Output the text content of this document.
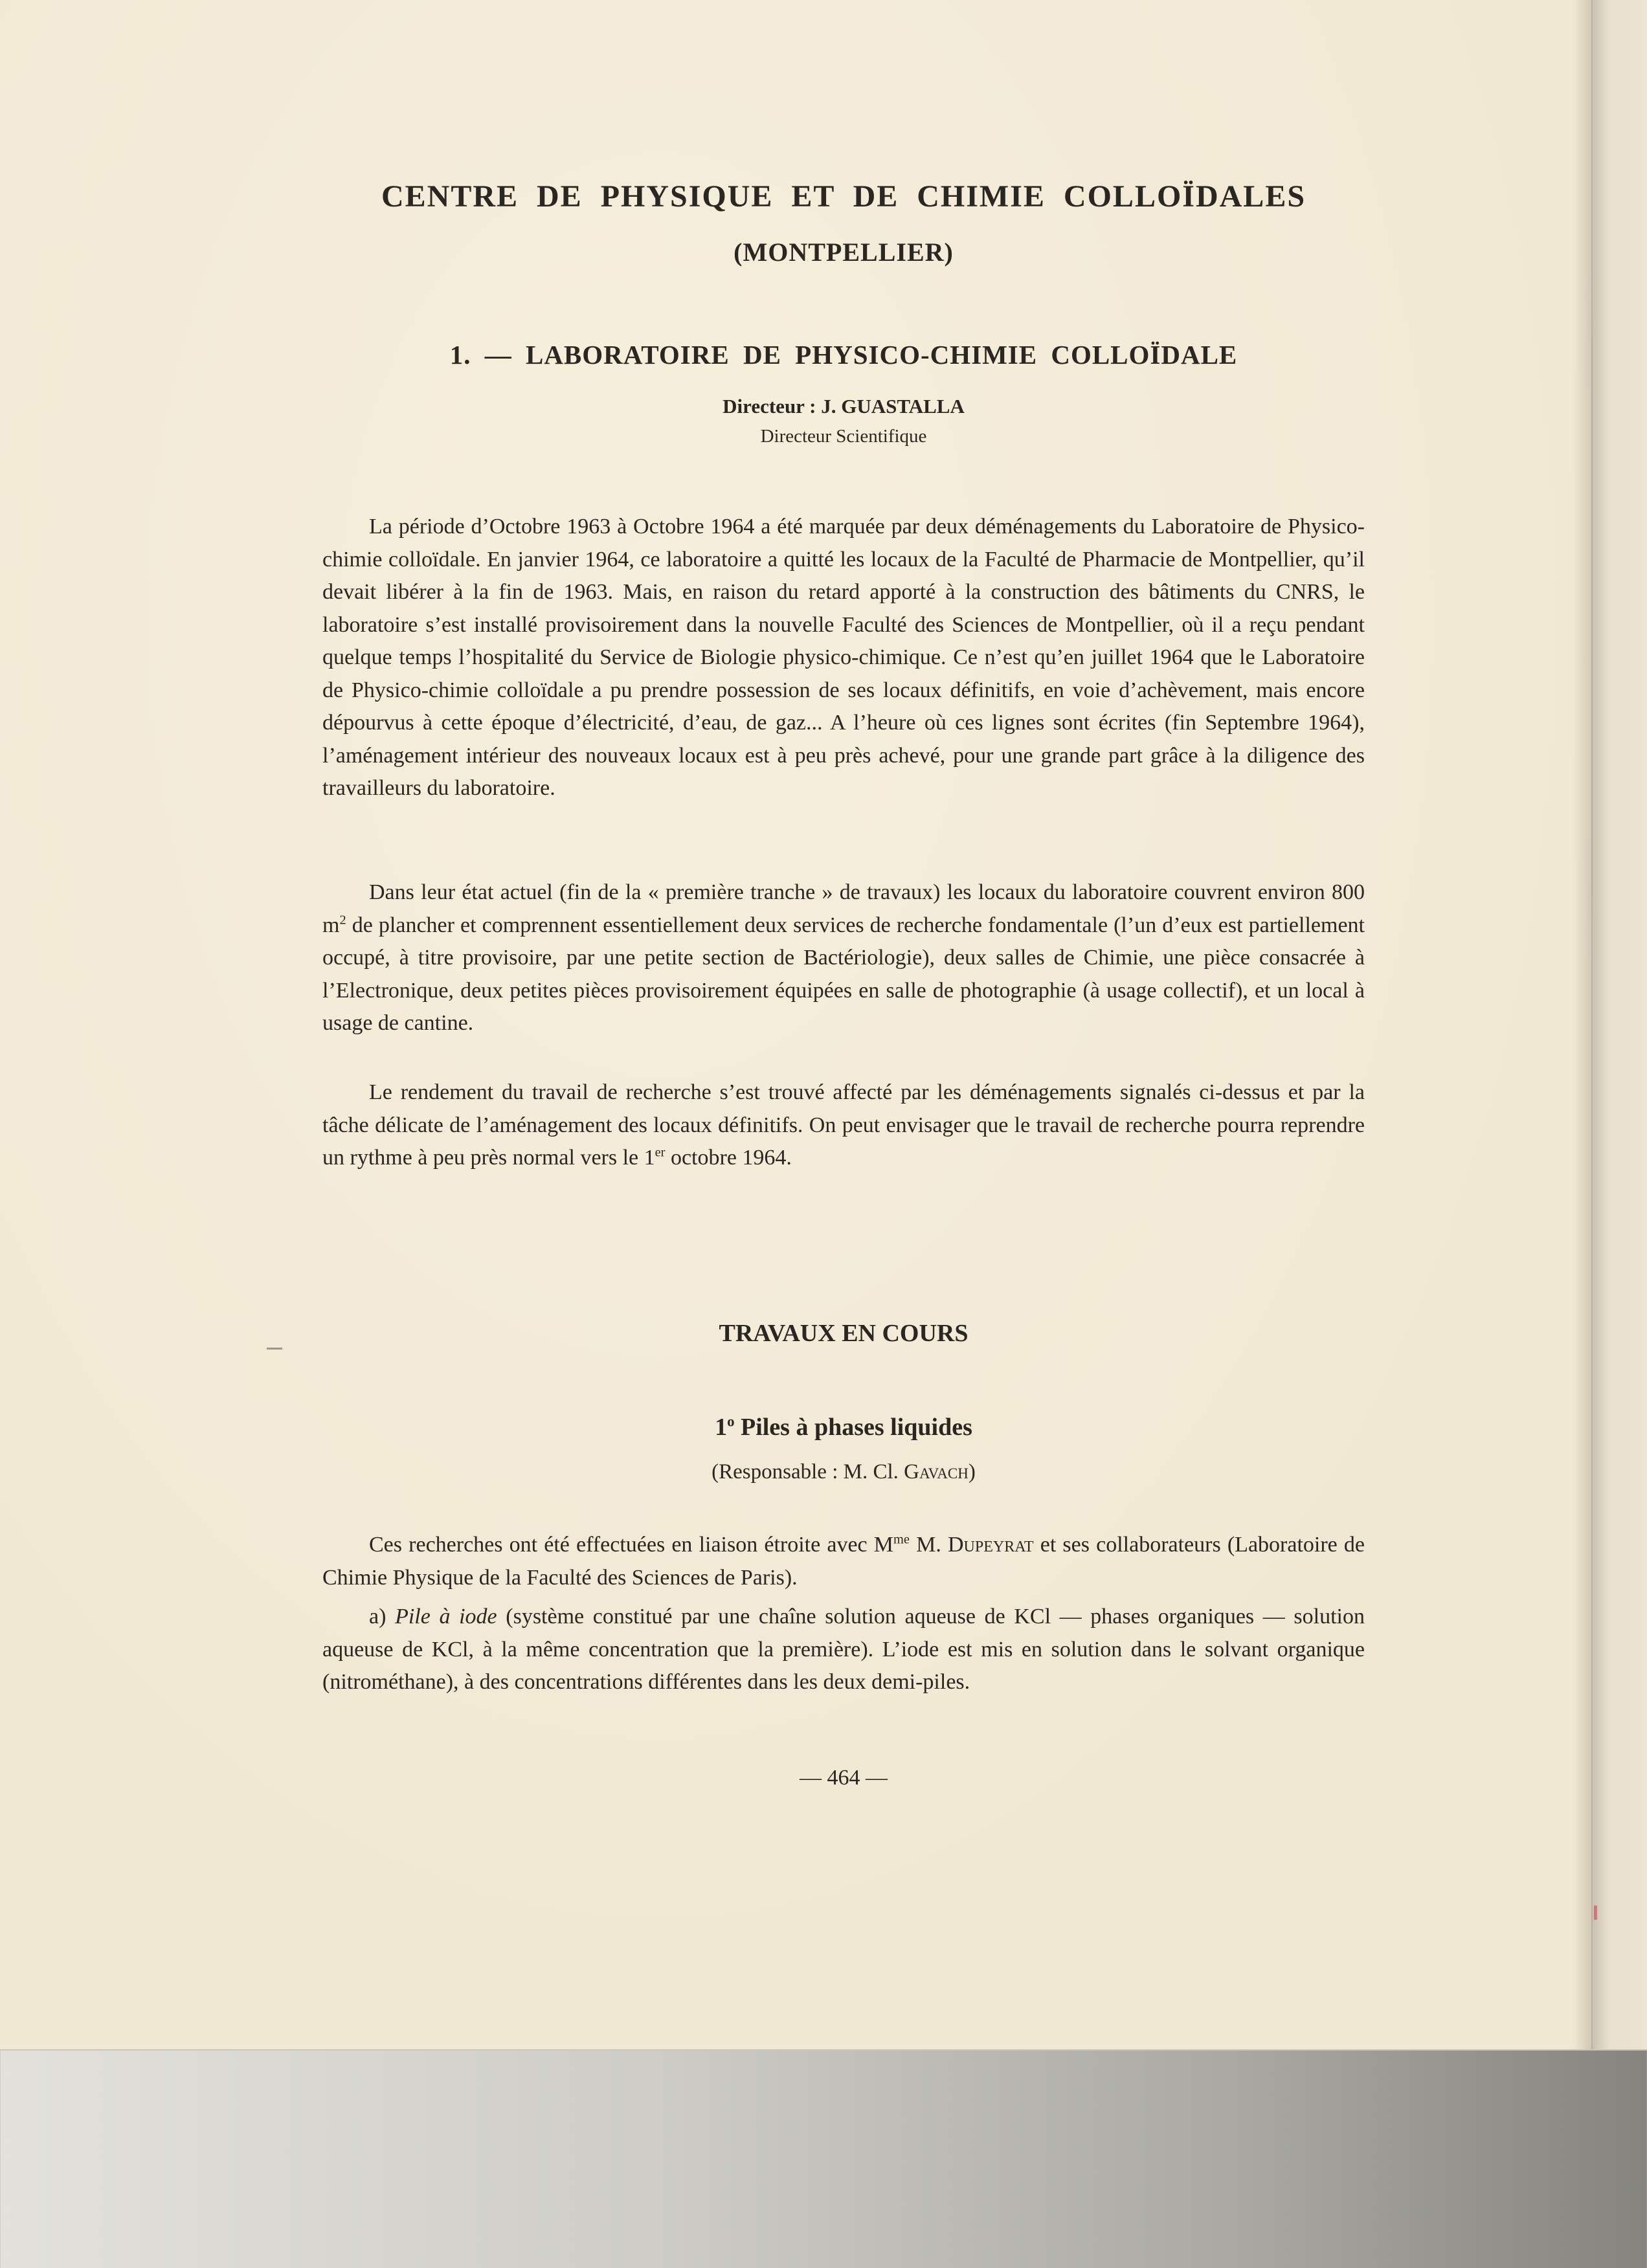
CENTRE DE PHYSIQUE ET DE CHIMIE COLLOÏDALES
(MONTPELLIER)
1. — LABORATOIRE DE PHYSICO-CHIMIE COLLOÏDALE
Directeur : J. GUASTALLA
Directeur Scientifique

La période d’Octobre 1963 à Octobre 1964 a été marquée par deux déménagements du Laboratoire de Physico-chimie colloïdale. En janvier 1964, ce laboratoire a quitté les locaux de la Faculté de Pharmacie de Montpellier, qu’il devait libérer à la fin de 1963. Mais, en raison du retard apporté à la construction des bâtiments du CNRS, le laboratoire s’est installé provisoirement dans la nouvelle Faculté des Sciences de Montpellier, où il a reçu pendant quelque temps l’hospitalité du Service de Biologie physico-chimique. Ce n’est qu’en juillet 1964 que le Laboratoire de Physico-chimie colloïdale a pu prendre possession de ses locaux définitifs, en voie d’achèvement, mais encore dépourvus à cette époque d’électricité, d’eau, de gaz... A l’heure où ces lignes sont écrites (fin Septembre 1964), l’aménagement intérieur des nouveaux locaux est à peu près achevé, pour une grande part grâce à la diligence des travailleurs du laboratoire.

Dans leur état actuel (fin de la « première tranche » de travaux) les locaux du laboratoire couvrent environ 800 $m^2$ de plancher et comprennent essentiellement deux services de recherche fondamentale (l’un d’eux est partiellement occupé, à titre provisoire, par une petite section de Bactériologie), deux salles de Chimie, une pièce consacrée à l’Electronique, deux petites pièces provisoirement équipées en salle de photographie (à usage collectif), et un local à usage de cantine.

Le rendement du travail de recherche s’est trouvé affecté par les déménagements signalés ci-dessus et par la tâche délicate de l’aménagement des locaux définitifs. On peut envisager que le travail de recherche pourra reprendre un rythme à peu près normal vers le 1er octobre 1964.

TRAVAUX EN COURS
1$^o$ Piles à phases liquides
(Responsable : M. Cl. Gavach)

Ces recherches ont été effectuées en liaison étroite avec $M^{me}$ M. Dupeyrat et ses collaborateurs (Laboratoire de Chimie Physique de la Faculté des Sciences de Paris).

a) Pile à iode (système constitué par une chaîne solution aqueuse de KCl — phases organiques — solution aqueuse de KCl, à la même concentration que la première). L’iode est mis en solution dans le solvant organique (nitrométhane), à des concentrations différentes dans les deux demi-piles.

— 464 —
